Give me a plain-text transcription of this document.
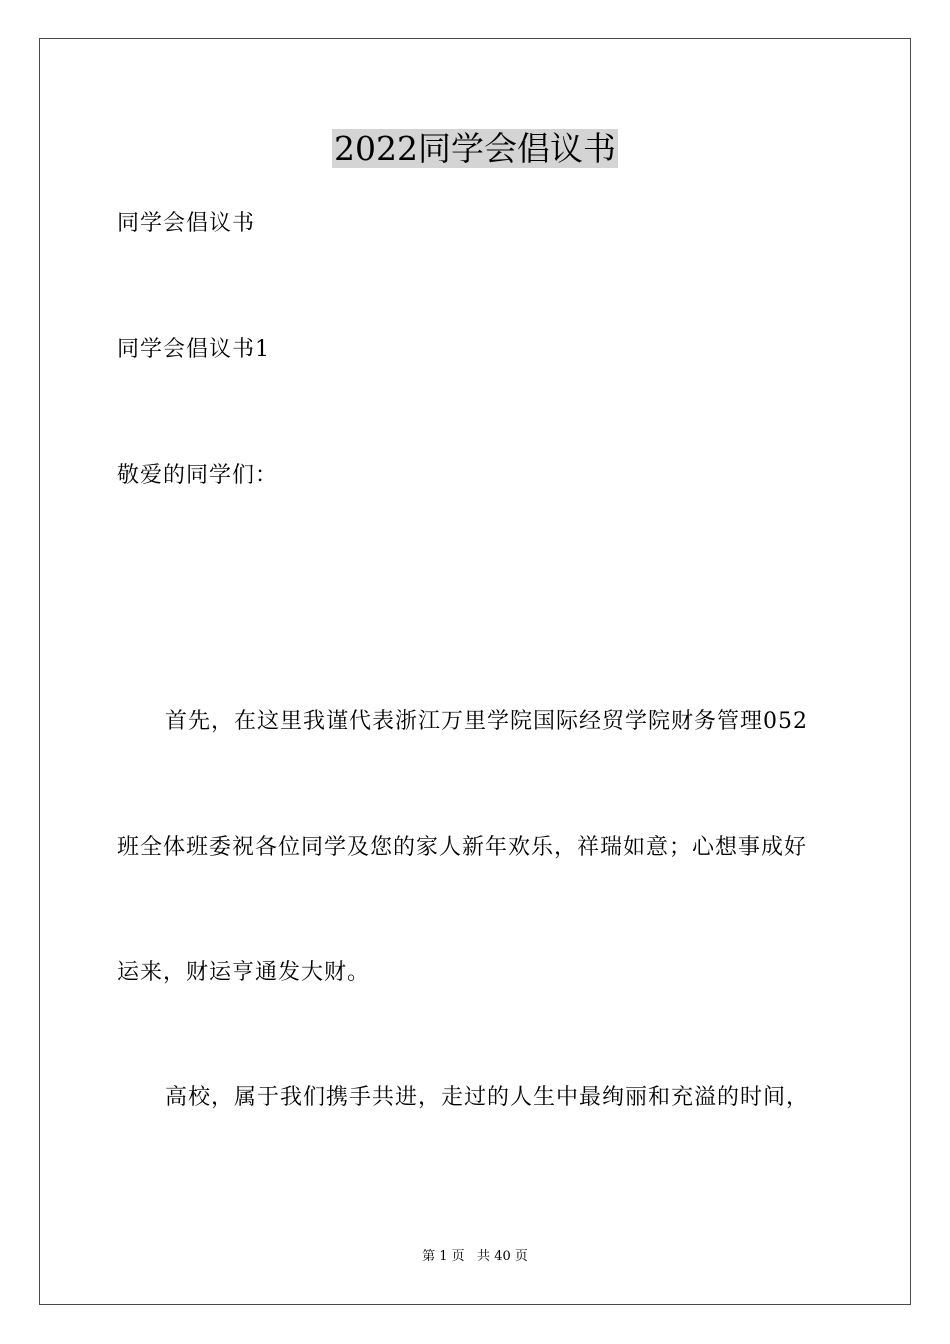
2022同学会倡议书

同学会倡议书

同学会倡议书1

敬爱的同学们：

首先，在这里我谨代表浙江万里学院国际经贸学院财务管理052

班全体班委祝各位同学及您的家人新年欢乐，祥瑞如意；心想事成好

运来，财运亨通发大财。

高校，属于我们携手共进，走过的人生中最绚丽和充溢的时间，

第 1 页   共 40 页
